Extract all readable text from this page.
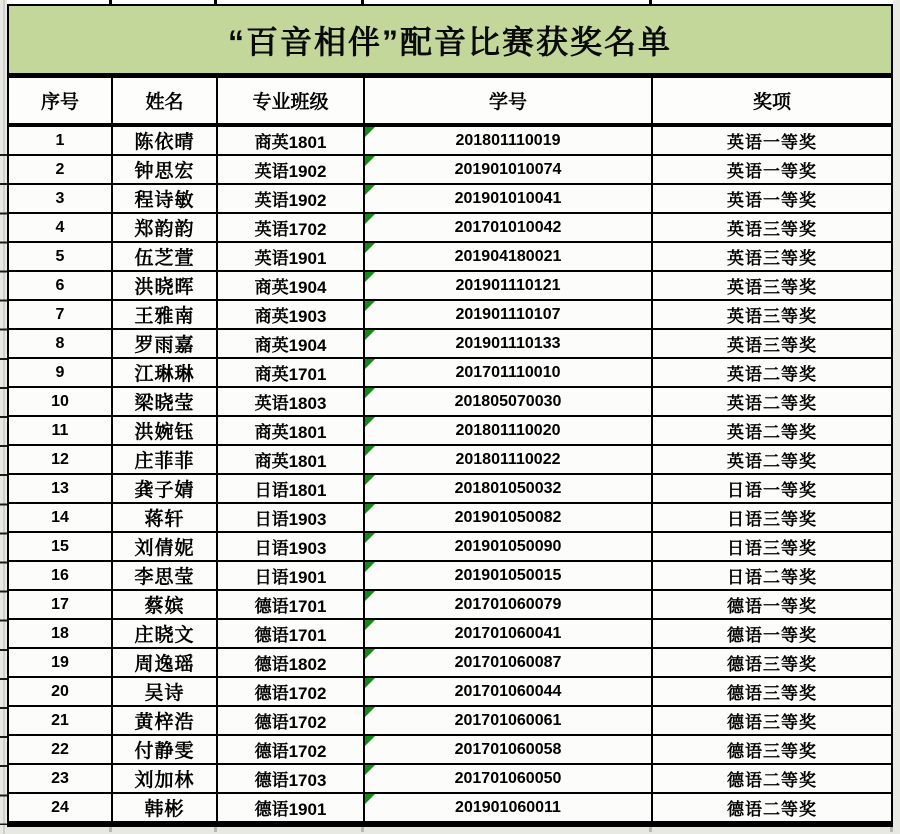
“百音相伴”配音比赛获奖名单
序号	姓名	专业班级	学号	奖项
1	陈依晴	商英1801	201801110019	英语一等奖
2	钟思宏	英语1902	201901010074	英语一等奖
3	程诗敏	英语1902	201901010041	英语一等奖
4	郑韵韵	英语1702	201701010042	英语三等奖
5	伍芝萱	英语1901	201904180021	英语三等奖
6	洪晓晖	商英1904	201901110121	英语三等奖
7	王雅南	商英1903	201901110107	英语三等奖
8	罗雨嘉	商英1904	201901110133	英语三等奖
9	江琳琳	商英1701	201701110010	英语二等奖
10	梁晓莹	英语1803	201805070030	英语二等奖
11	洪婉钰	商英1801	201801110020	英语二等奖
12	庄菲菲	商英1801	201801110022	英语二等奖
13	龚子婧	日语1801	201801050032	日语一等奖
14	蒋轩	日语1903	201901050082	日语三等奖
15	刘倩妮	日语1903	201901050090	日语三等奖
16	李思莹	日语1901	201901050015	日语二等奖
17	蔡嫔	德语1701	201701060079	德语一等奖
18	庄晓文	德语1701	201701060041	德语一等奖
19	周逸瑶	德语1802	201701060087	德语三等奖
20	吴诗	德语1702	201701060044	德语三等奖
21	黄梓浩	德语1702	201701060061	德语三等奖
22	付静雯	德语1702	201701060058	德语三等奖
23	刘加林	德语1703	201701060050	德语二等奖
24	韩彬	德语1901	201901060011	德语二等奖
